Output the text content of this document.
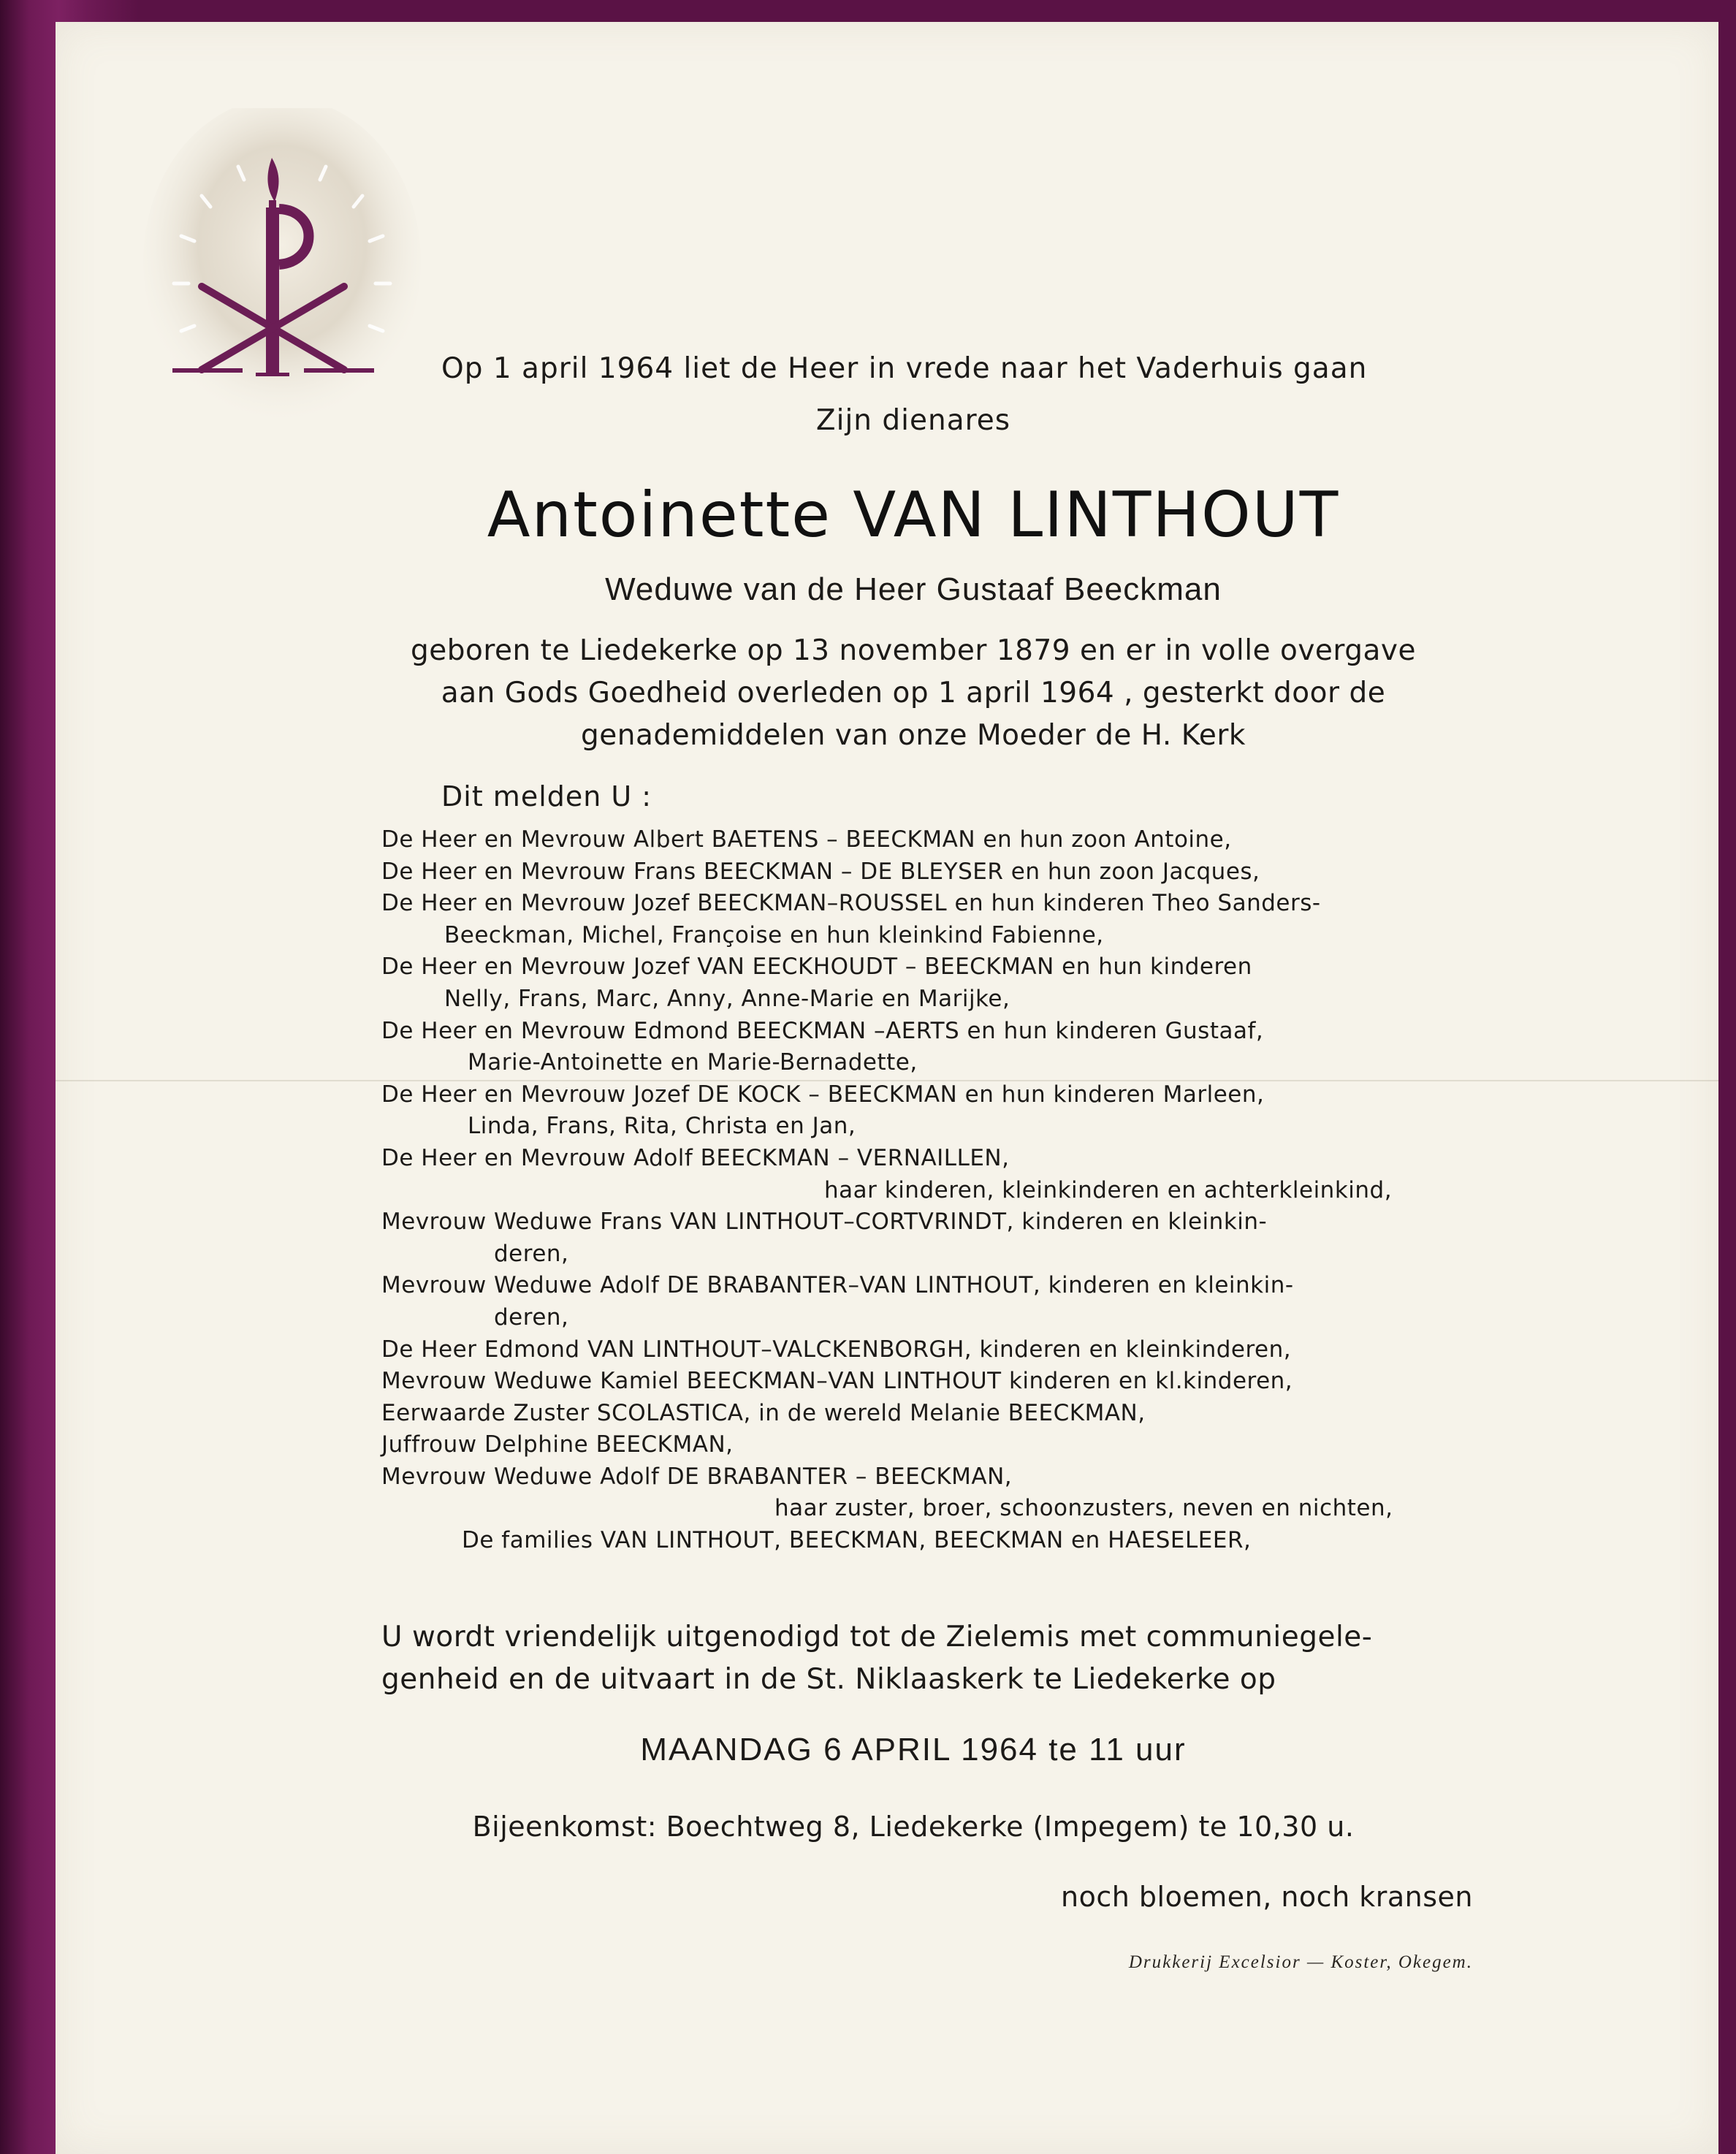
Op 1 april 1964 liet de Heer in vrede naar het Vaderhuis gaan

Zijn dienares

Antoinette VAN LINTHOUT

Weduwe van de Heer Gustaaf Beeckman

geboren te Liedekerke op 13 november 1879 en er in volle overgave
aan Gods Goedheid overleden op 1 april 1964 , gesterkt door de
genademiddelen van onze Moeder de H. Kerk

Dit melden U :

De Heer en Mevrouw Albert BAETENS – BEECKMAN en hun zoon Antoine,
De Heer en Mevrouw Frans BEECKMAN – DE BLEYSER en hun zoon Jacques,
De Heer en Mevrouw Jozef BEECKMAN–ROUSSEL en hun kinderen Theo Sanders-
Beeckman, Michel, Françoise en hun kleinkind Fabienne,
De Heer en Mevrouw Jozef VAN EECKHOUDT – BEECKMAN en hun kinderen
Nelly, Frans, Marc, Anny, Anne-Marie en Marijke,
De Heer en Mevrouw Edmond BEECKMAN –AERTS en hun kinderen Gustaaf,
Marie-Antoinette en Marie-Bernadette,
De Heer en Mevrouw Jozef DE KOCK – BEECKMAN en hun kinderen Marleen,
Linda, Frans, Rita, Christa en Jan,
De Heer en Mevrouw Adolf BEECKMAN – VERNAILLEN,
haar kinderen, kleinkinderen en achterkleinkind,
Mevrouw Weduwe Frans VAN LINTHOUT–CORTVRINDT, kinderen en kleinkin-
deren,
Mevrouw Weduwe Adolf DE BRABANTER–VAN LINTHOUT, kinderen en kleinkin-
deren,
De Heer Edmond VAN LINTHOUT–VALCKENBORGH, kinderen en kleinkinderen,
Mevrouw Weduwe Kamiel BEECKMAN–VAN LINTHOUT kinderen en kl.kinderen,
Eerwaarde Zuster SCOLASTICA, in de wereld Melanie BEECKMAN,
Juffrouw Delphine BEECKMAN,
Mevrouw Weduwe Adolf DE BRABANTER – BEECKMAN,
haar zuster, broer, schoonzusters, neven en nichten,
De families VAN LINTHOUT, BEECKMAN, BEECKMAN en HAESELEER,
U wordt vriendelijk uitgenodigd tot de Zielemis met communiegele-
genheid en de uitvaart in de St. Niklaaskerk te Liedekerke op

MAANDAG 6 APRIL 1964 te 11 uur

Bijeenkomst: Boechtweg 8, Liedekerke (Impegem) te 10,30 u.

noch bloemen, noch kransen

Drukkerij Excelsior — Koster, Okegem.
